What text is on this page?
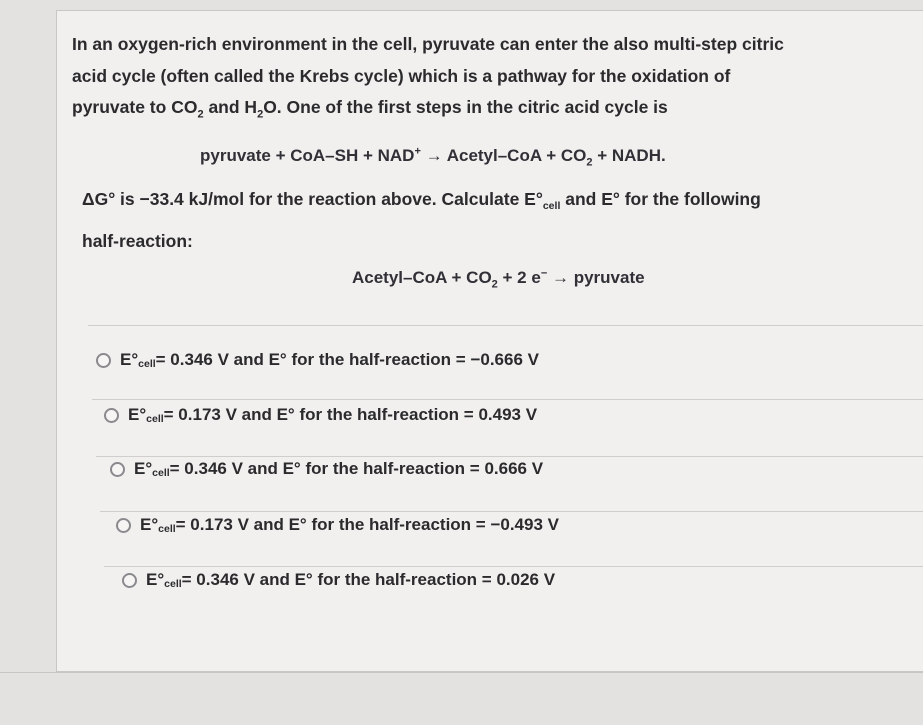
In an oxygen-rich environment in the cell, pyruvate can enter the also multi-step citric
acid cycle (often called the Krebs cycle) which is a pathway for the oxidation of
pyruvate to $CO_2$ and $H_2O$. One of the first steps in the citric acid cycle is
pyruvate + CoA–SH + NAD+ → Acetyl–CoA + $CO_2$ + NADH.
ΔG° is −33.4 kJ/mol for the reaction above. Calculate $E^\circ_{cell}$ and E° for the following
half-reaction:
Acetyl–CoA + $CO_2 + 2$ e− → pyruvate
E° cell = 0.346 V and E° for the half-reaction = −0.666 V
E° cell = 0.173 V and E° for the half-reaction = 0.493 V
E° cell = 0.346 V and E° for the half-reaction = 0.666 V
E° cell = 0.173 V and E° for the half-reaction = −0.493 V
E° cell = 0.346 V and E° for the half-reaction = 0.026 V
